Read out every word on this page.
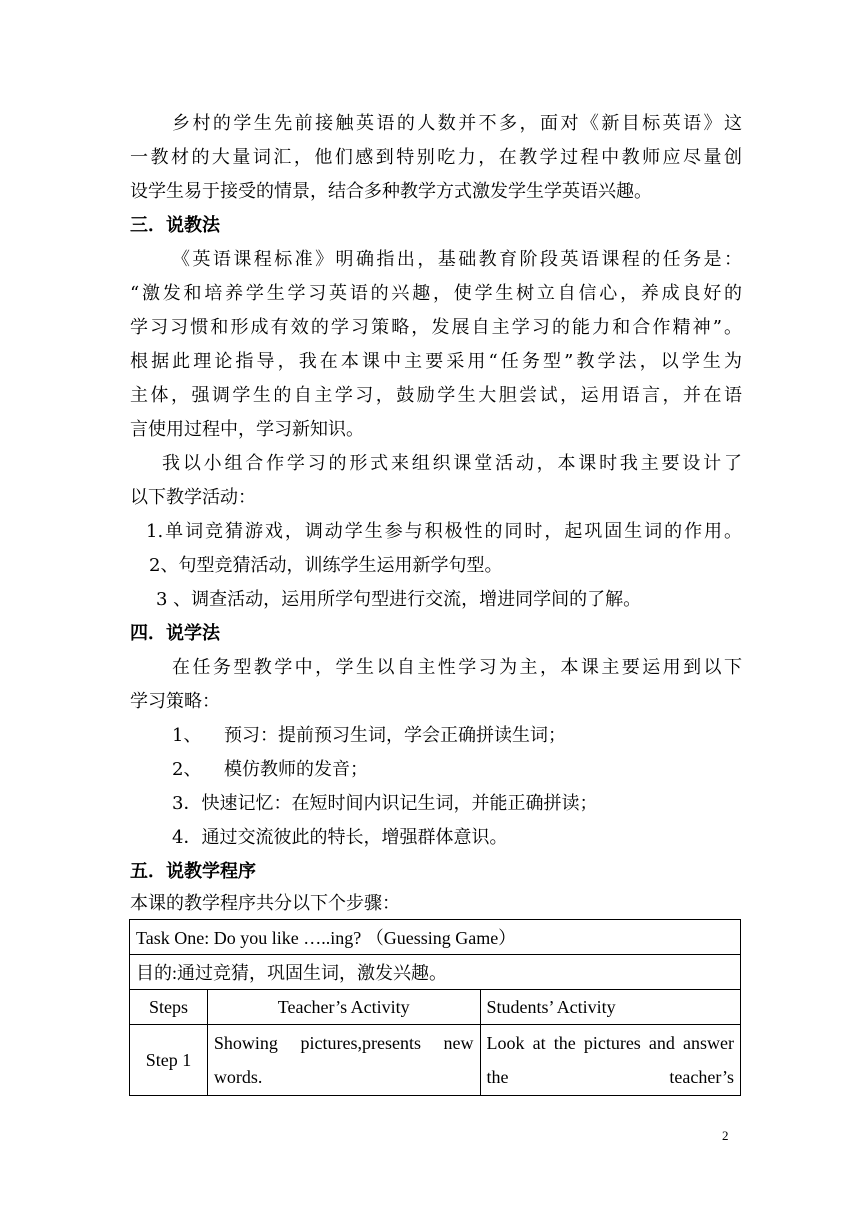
乡村的学生先前接触英语的人数并不多，面对《新目标英语》这
一教材的大量词汇，他们感到特别吃力，在教学过程中教师应尽量创
设学生易于接受的情景，结合多种教学方式激发学生学英语兴趣。
三．说教法
《英语课程标准》明确指出，基础教育阶段英语课程的任务是：
“激发和培养学生学习英语的兴趣，使学生树立自信心，养成良好的
学习习惯和形成有效的学习策略，发展自主学习的能力和合作精神”。
根据此理论指导，我在本课中主要采用“任务型”教学法，以学生为
主体，强调学生的自主学习，鼓励学生大胆尝试，运用语言，并在语
言使用过程中，学习新知识。
我以小组合作学习的形式来组织课堂活动，本课时我主要设计了
以下教学活动：
1.单词竞猜游戏，调动学生参与积极性的同时，起巩固生词的作用。
2、句型竞猜活动，训练学生运用新学句型。
3 、调查活动，运用所学句型进行交流，增进同学间的了解。
四．说学法
在任务型教学中，学生以自主性学习为主，本课主要运用到以下
学习策略：
1、	预习：提前预习生词，学会正确拼读生词；
2、	模仿教师的发音；
3．快速记忆：在短时间内识记生词，并能正确拼读；
4．通过交流彼此的特长，增强群体意识。
五．说教学程序
本课的教学程序共分以下个步骤：
Task One: Do you like …..ing? （Guessing Game）		
目的:通过竞猜，巩固生词，激发兴趣。		
Steps	Teacher’s Activity	Students’ Activity
Step 1	Showing pictures,presents new words.	Look at the pictures and answer the teacher’s
2
